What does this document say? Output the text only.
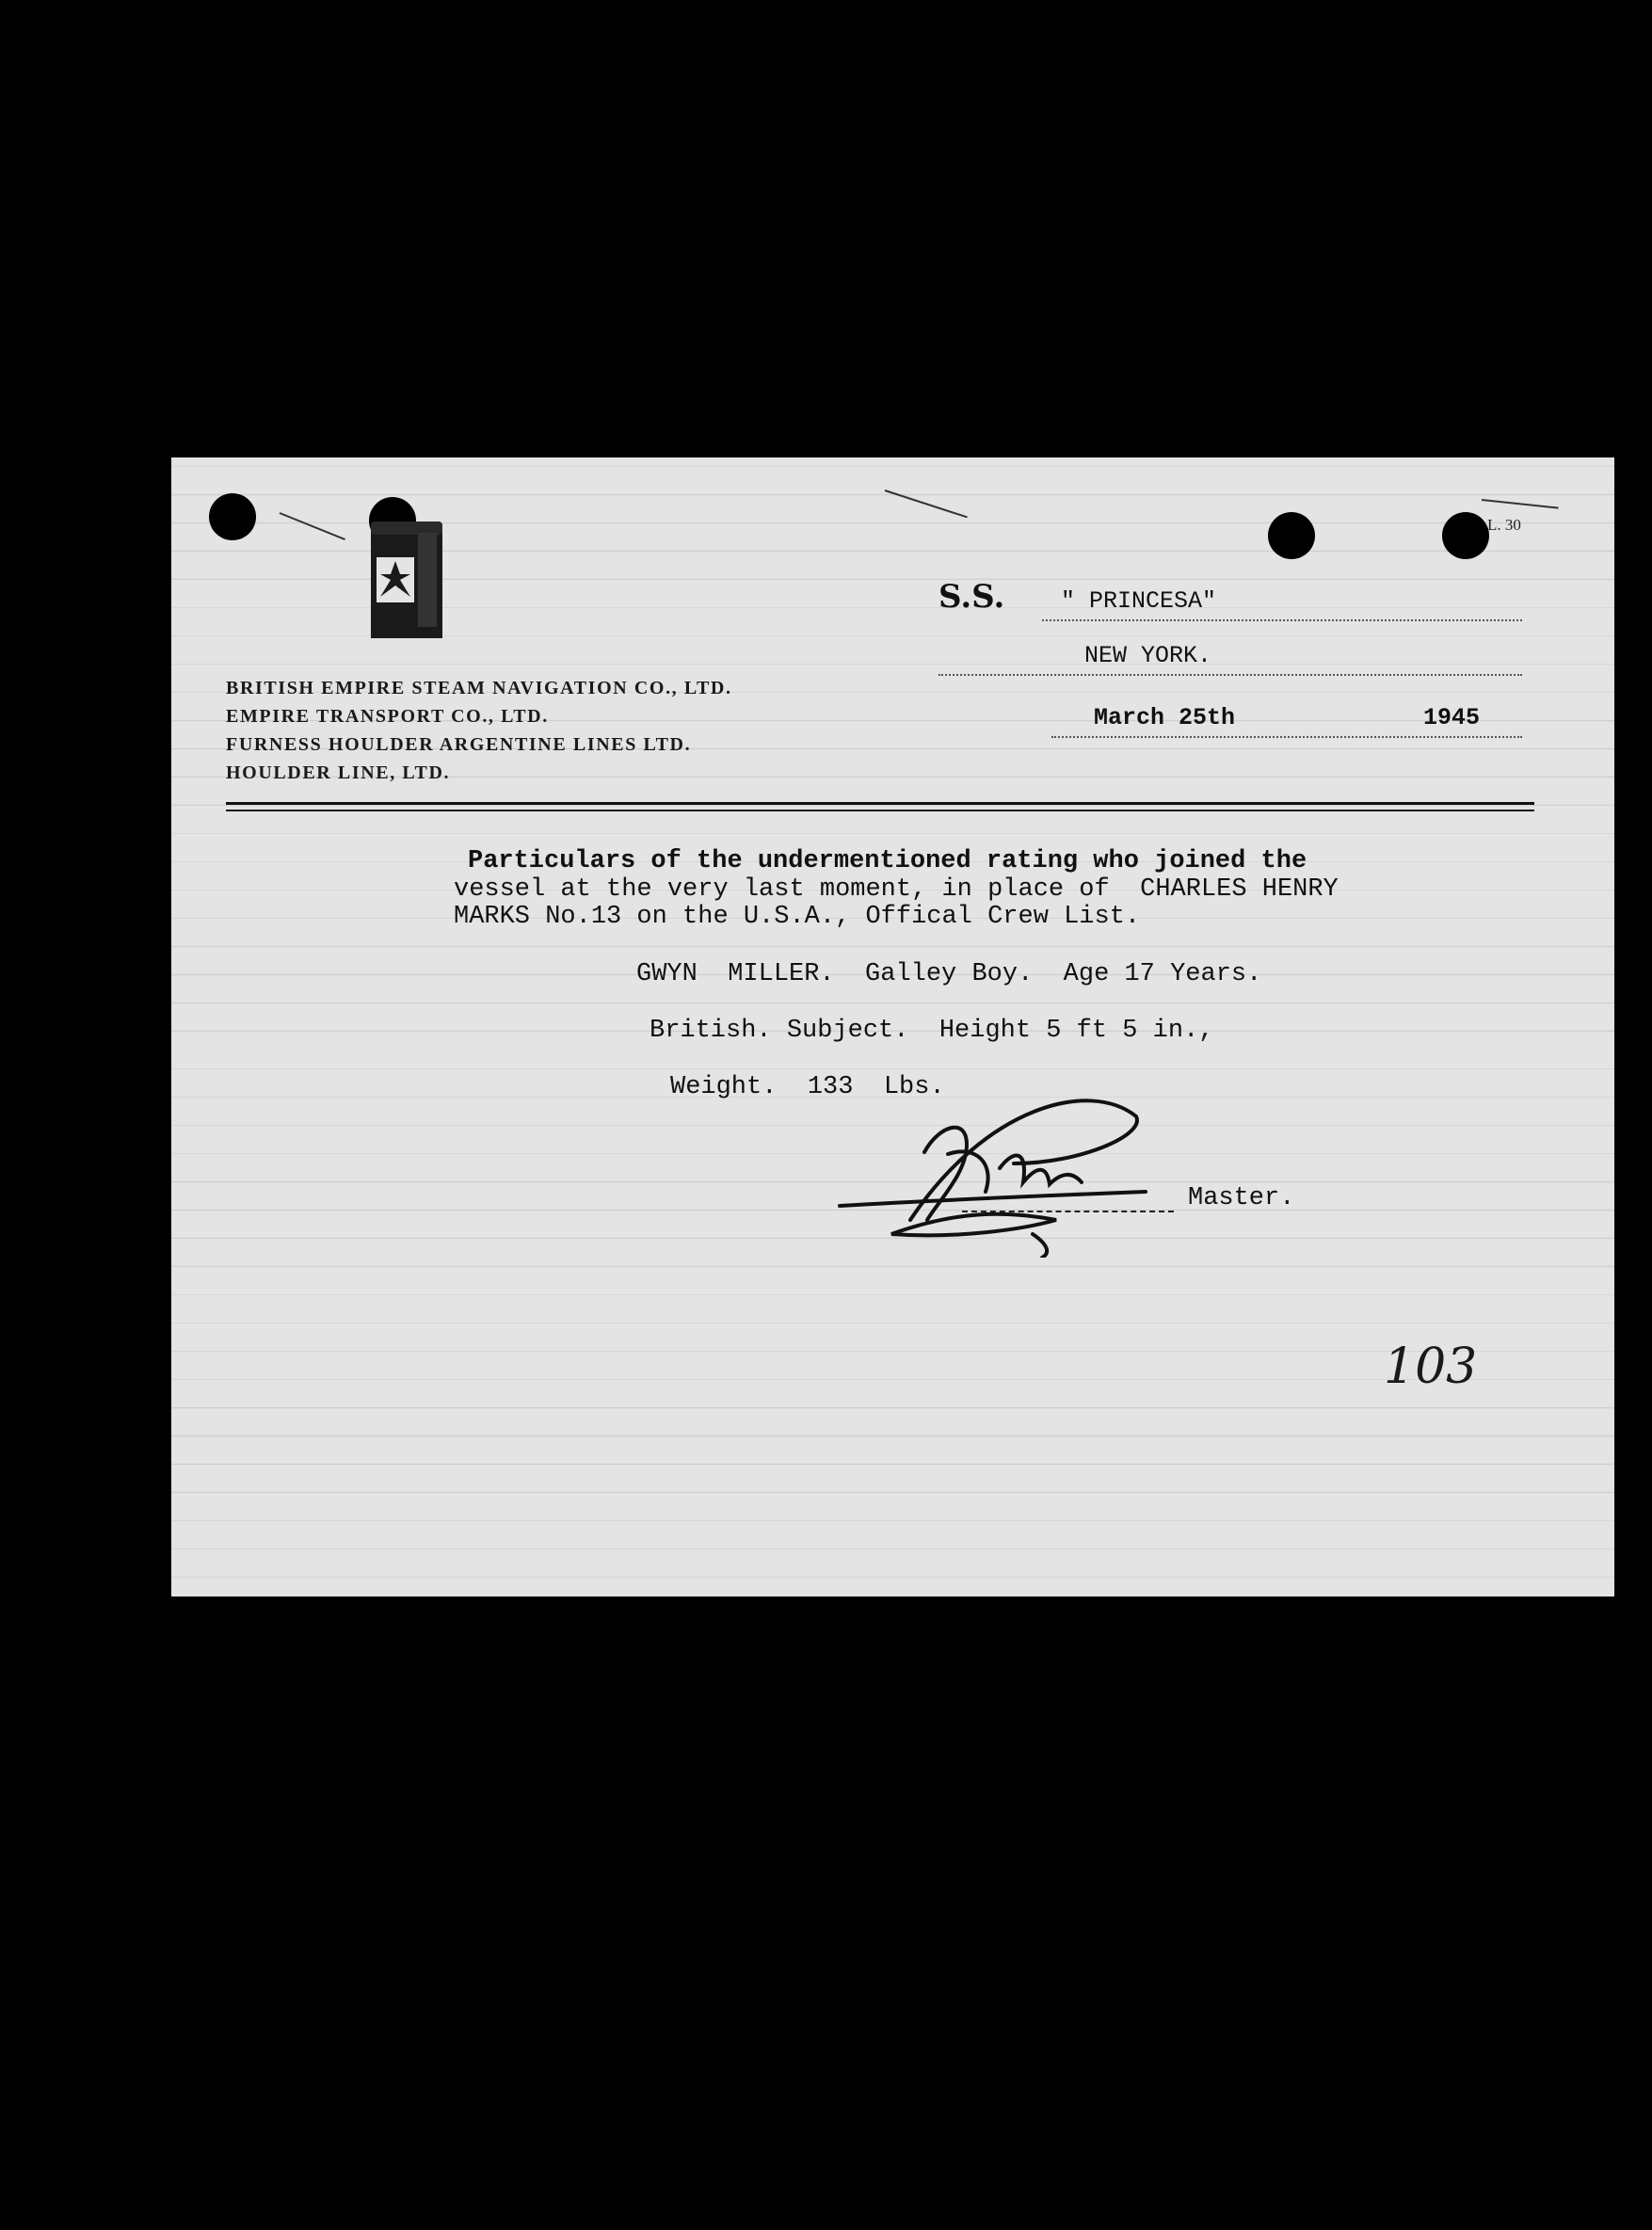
L. 30
BRITISH EMPIRE STEAM NAVIGATION CO., LTD.
EMPIRE TRANSPORT CO., LTD.
FURNESS HOULDER ARGENTINE LINES LTD.
HOULDER LINE, LTD.
S.S.	" PRINCESA"
NEW YORK.
March 25th	1945
Particulars of the undermentioned rating who joined the
vessel at the very last moment, in place of  CHARLES HENRY
MARKS No.13 on the U.S.A., Offical Crew List.
GWYN  MILLER.  Galley Boy.  Age 17 Years.
British. Subject.  Height 5 ft 5 in.,
Weight.  133  Lbs.
Master.
103
